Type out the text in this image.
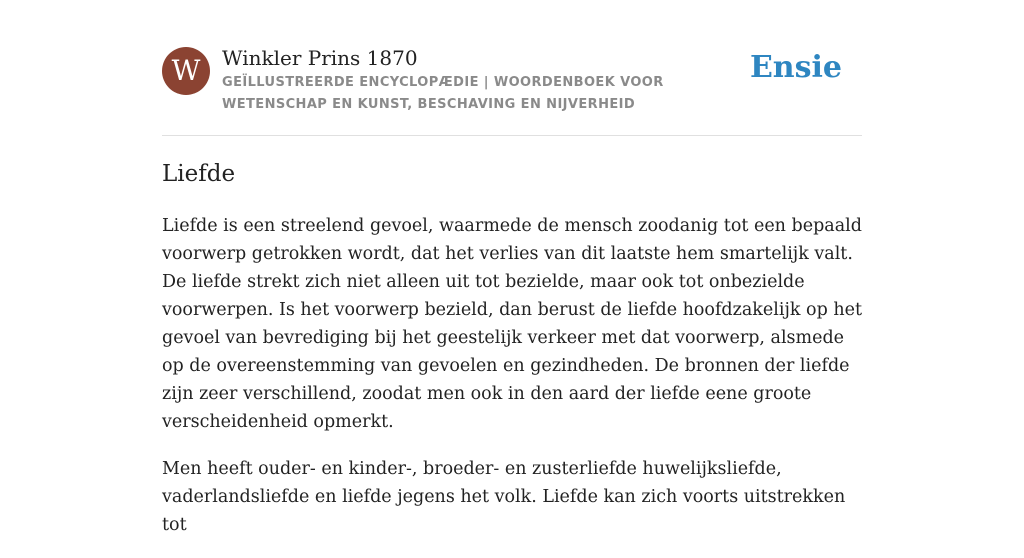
W	Winkler Prins 1870
GEÏLLUSTREERDE ENCYCLOPÆDIE | WOORDENBOEK VOOR WETENSCHAP EN KUNST, BESCHAVING EN NIJVERHEID
Ensie
Liefde

Liefde is een streelend gevoel, waarmede de mensch zoodanig tot een bepaald voorwerp getrokken wordt, dat het verlies van dit laatste hem smartelijk valt. De liefde strekt zich niet alleen uit tot bezielde, maar ook tot onbezielde voorwerpen. Is het voorwerp bezield, dan berust de liefde hoofdzakelijk op het gevoel van bevrediging bij het geestelijk verkeer met dat voorwerp, alsmede op de overeenstemming van gevoelen en gezindheden. De bronnen der liefde zijn zeer verschillend, zoodat men ook in den aard der liefde eene groote verscheidenheid opmerkt.

Men heeft ouder- en kinder-, broeder- en zusterliefde huwelijksliefde, vaderlandsliefde en liefde jegens het volk. Liefde kan zich voorts uitstrekken tot
